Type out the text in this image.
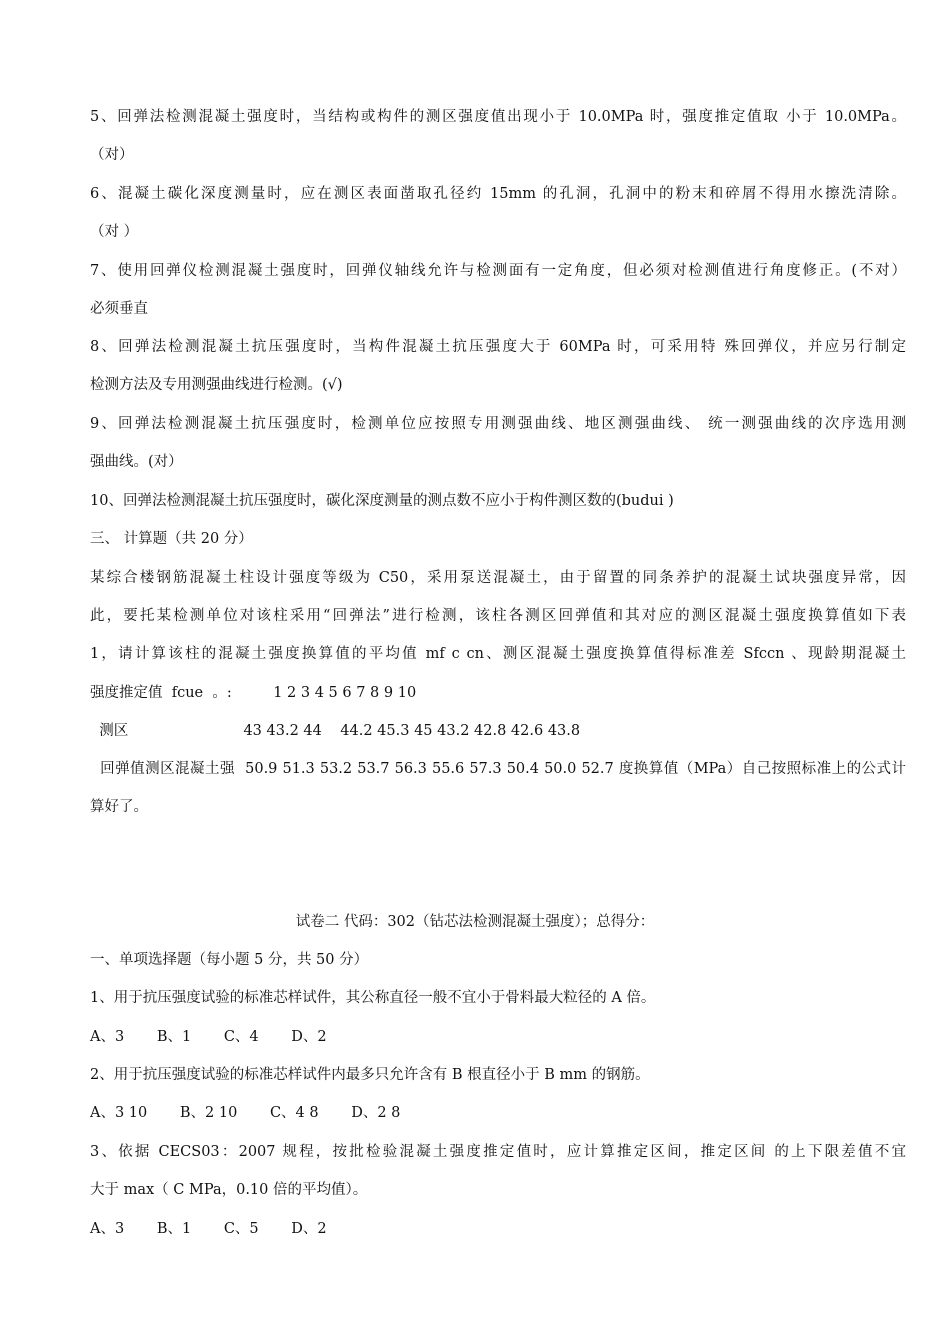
5、回弹法检测混凝土强度时，当结构或构件的测区强度值出现小于 10.0MPa 时，强度推定值取 小于 10.0MPa。
（对）
6、混凝土碳化深度测量时，应在测区表面凿取孔径约 15mm 的孔洞，孔洞中的粉末和碎屑不得用水擦洗清除。
（对 ）
7、使用回弹仪检测混凝土强度时，回弹仪轴线允许与检测面有一定角度，但必须对检测值进行角度修正。(不对）
必须垂直
8、回弹法检测混凝土抗压强度时，当构件混凝土抗压强度大于 60MPa 时，可采用特 殊回弹仪，并应另行制定
检测方法及专用测强曲线进行检测。(√)
9、回弹法检测混凝土抗压强度时，检测单位应按照专用测强曲线、地区测强曲线、 统一测强曲线的次序选用测
强曲线。(对）
10、回弹法检测混凝土抗压强度时，碳化深度测量的测点数不应小于构件测区数的(budui )
三、 计算题（共 20 分）
某综合楼钢筋混凝土柱设计强度等级为 C50，采用泵送混凝土，由于留置的同条养护的混凝土试块强度异常，因
此，要托某检测单位对该柱采用“回弹法”进行检测，该柱各测区回弹值和其对应的测区混凝土强度换算值如下表
1，请计算该柱的混凝土强度换算值的平均值 mf c cn、测区混凝土强度换算值得标准差 Sfccn 、现龄期混凝土
强度推定值  fcue  。:         1 2 3 4 5 6 7 8 9 10
测区                         43 43.2 44    44.2 45.3 45 43.2 42.8 42.6 43.8
回弹值测区混凝土强  50.9 51.3 53.2 53.7 56.3 55.6 57.3 50.4 50.0 52.7 度换算值（MPa）自己按照标准上的公式计
算好了。
试卷二 代码：302（钻芯法检测混凝土强度）；总得分：
一、单项选择题（每小题 5 分，共 50 分）
1、用于抗压强度试验的标准芯样试件，其公称直径一般不宜小于骨料最大粒径的 A 倍。
A、3 B、1 C、4 D、2
2、用于抗压强度试验的标准芯样试件内最多只允许含有 B 根直径小于 B mm 的钢筋。
A、3 10 B、2 10 C、4 8 D、2 8
3、依据 CECS03：2007 规程，按批检验混凝土强度推定值时，应计算推定区间，推定区间 的上下限差值不宜
大于 max（ C MPa，0.10 倍的平均值）。
A、3 B、1 C、5 D、2
